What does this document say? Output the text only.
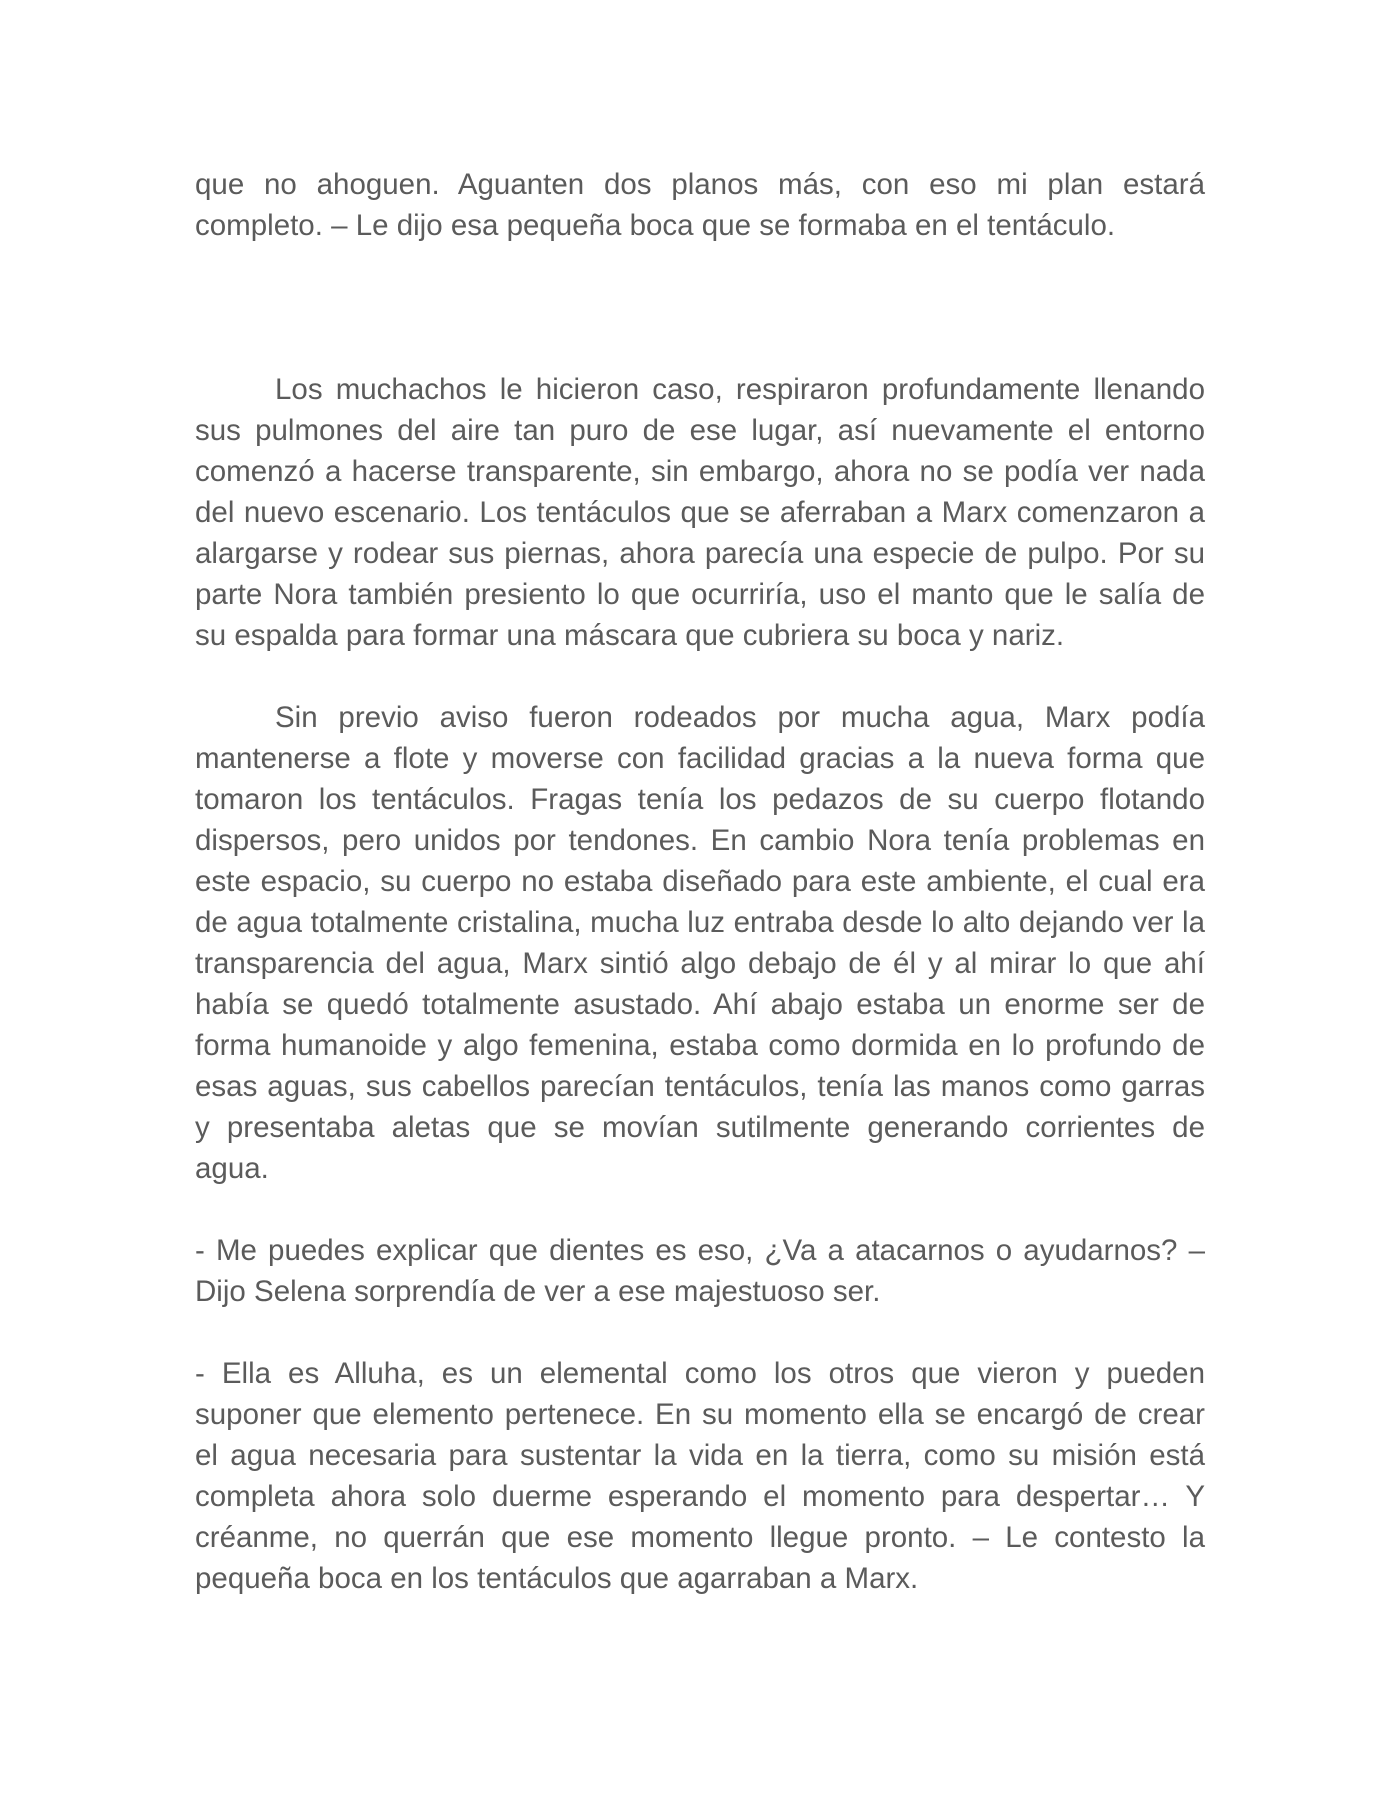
que no ahoguen. Aguanten dos planos más, con eso mi plan estará completo. – Le dijo esa pequeña boca que se formaba en el tentáculo.

Los muchachos le hicieron caso, respiraron profundamente llenando sus pulmones del aire tan puro de ese lugar, así nuevamente el entorno comenzó a hacerse transparente, sin embargo, ahora no se podía ver nada del nuevo escenario. Los tentáculos que se aferraban a Marx comenzaron a alargarse y rodear sus piernas, ahora parecía una especie de pulpo. Por su parte Nora también presiento lo que ocurriría, uso el manto que le salía de su espalda para formar una máscara que cubriera su boca y nariz.

Sin previo aviso fueron rodeados por mucha agua, Marx podía mantenerse a flote y moverse con facilidad gracias a la nueva forma que tomaron los tentáculos. Fragas tenía los pedazos de su cuerpo flotando dispersos, pero unidos por tendones. En cambio Nora tenía problemas en este espacio, su cuerpo no estaba diseñado para este ambiente, el cual era de agua totalmente cristalina, mucha luz entraba desde lo alto dejando ver la transparencia del agua, Marx sintió algo debajo de él y al mirar lo que ahí había se quedó totalmente asustado. Ahí abajo estaba un enorme ser de forma humanoide y algo femenina, estaba como dormida en lo profundo de esas aguas, sus cabellos parecían tentáculos, tenía las manos como garras y presentaba aletas que se movían sutilmente generando corrientes de agua.

- Me puedes explicar que dientes es eso, ¿Va a atacarnos o ayudarnos? – Dijo Selena sorprendía de ver a ese majestuoso ser.

- Ella es Alluha, es un elemental como los otros que vieron y pueden suponer que elemento pertenece. En su momento ella se encargó de crear el agua necesaria para sustentar la vida en la tierra, como su misión está completa ahora solo duerme esperando el momento para despertar… Y créanme, no querrán que ese momento llegue pronto. – Le contesto la pequeña boca en los tentáculos que agarraban a Marx.
